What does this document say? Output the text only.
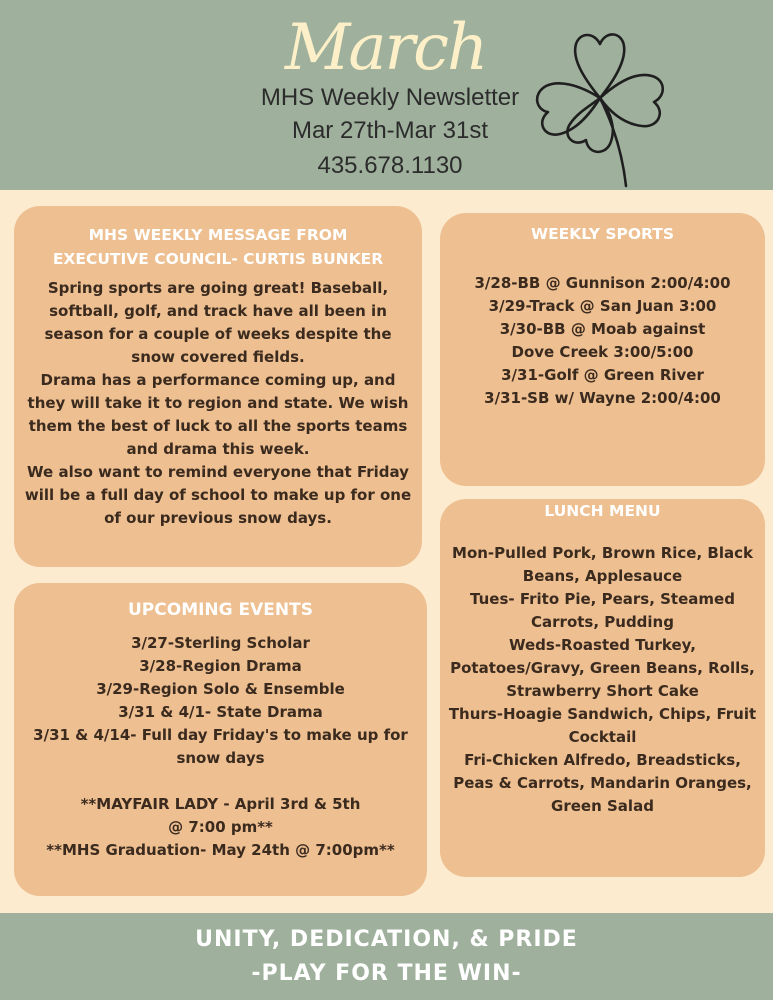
March
MHS Weekly Newsletter
Mar 27th-Mar 31st
435.678.1130

MHS WEEKLY MESSAGE FROM

EXECUTIVE COUNCIL- CURTIS BUNKER

Spring sports are going great! Baseball,

softball, golf, and track have all been in

season for a couple of weeks despite the

snow covered fields.

Drama has a performance coming up, and

they will take it to region and state. We wish

them the best of luck to all the sports teams

and drama this week.

We also want to remind everyone that Friday

will be a full day of school to make up for one

of our previous snow days.

WEEKLY SPORTS

3/28-BB @ Gunnison 2:00/4:00

3/29-Track @ San Juan 3:00

3/30-BB @ Moab against

Dove Creek 3:00/5:00

3/31-Golf @ Green River

3/31-SB w/ Wayne 2:00/4:00

UPCOMING EVENTS

3/27-Sterling Scholar

3/28-Region Drama

3/29-Region Solo & Ensemble

3/31 & 4/1- State Drama

3/31 & 4/14- Full day Friday's to make up for

snow days

**MAYFAIR LADY - April 3rd & 5th

@ 7:00 pm**

**MHS Graduation- May 24th @ 7:00pm**

LUNCH MENU

Mon-Pulled Pork, Brown Rice, Black

Beans, Applesauce

Tues- Frito Pie, Pears, Steamed

Carrots, Pudding

Weds-Roasted Turkey,

Potatoes/Gravy, Green Beans, Rolls,

Strawberry Short Cake

Thurs-Hoagie Sandwich, Chips, Fruit

Cocktail

Fri-Chicken Alfredo, Breadsticks,

Peas & Carrots, Mandarin Oranges,

Green Salad

UNITY, DEDICATION, & PRIDE
-PLAY FOR THE WIN-
